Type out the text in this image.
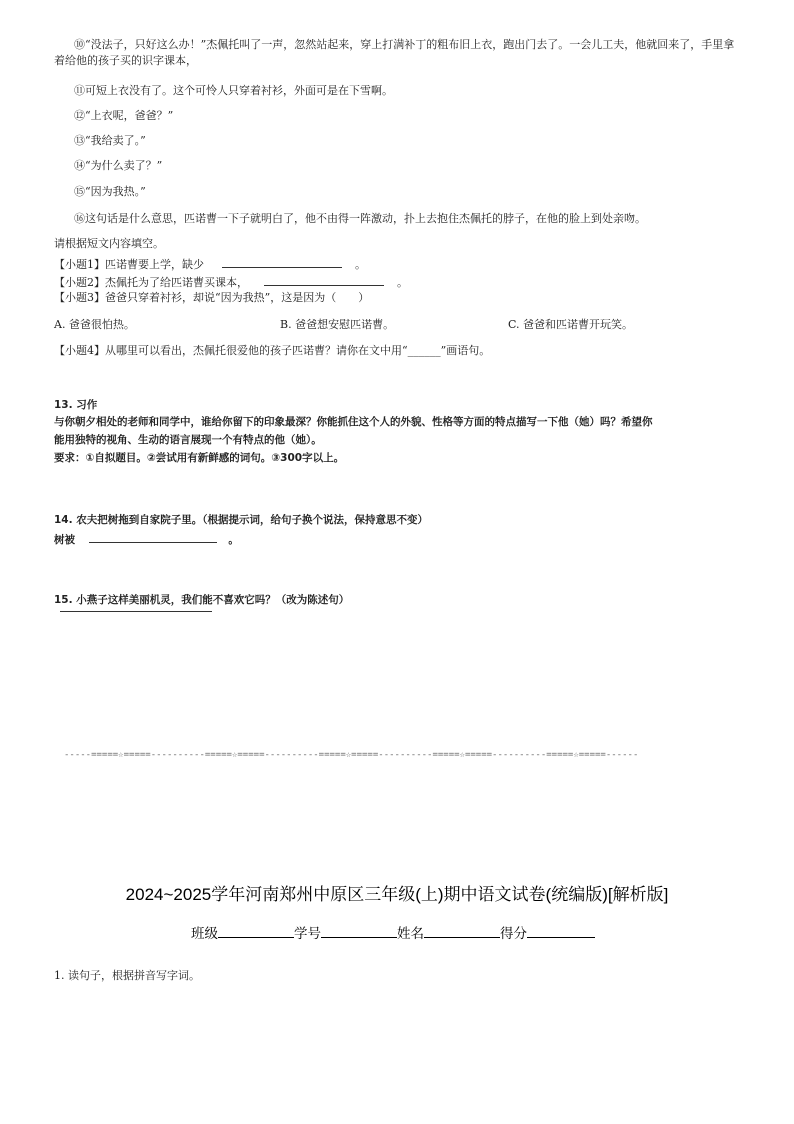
⑩“没法子，只好这么办！”杰佩托叫了一声，忽然站起来，穿上打满补丁的粗布旧上衣，跑出门去了。一会儿工夫，他就回来了，手里拿着给他的孩子买的识字课本，
⑪可短上衣没有了。这个可怜人只穿着衬衫，外面可是在下雪啊。
⑫“上衣呢，爸爸？”
⑬“我给卖了。”
⑭“为什么卖了？”
⑮“因为我热。”
⑯这句话是什么意思，匹诺曹一下子就明白了，他不由得一阵激动，扑上去抱住杰佩托的脖子，在他的脸上到处亲吻。
请根据短文内容填空。
【小题1】匹诺曹要上学，缺少	。
【小题2】杰佩托为了给匹诺曹买课本，	。
【小题3】爸爸只穿着衬衫，却说“因为我热”，这是因为（　　）
A. 爸爸很怕热。	B. 爸爸想安慰匹诺曹。	C. 爸爸和匹诺曹开玩笑。
【小题4】从哪里可以看出，杰佩托很爱他的孩子匹诺曹？请你在文中用“______”画语句。
13. 习作
与你朝夕相处的老师和同学中，谁给你留下的印象最深？你能抓住这个人的外貌、性格等方面的特点描写一下他（她）吗？希望你
能用独特的视角、生动的语言展现一个有特点的他（她）。
要求：①自拟题目。②尝试用有新鲜感的词句。③300字以上。
14. 农夫把树拖到自家院子里。（根据提示词，给句子换个说法，保持意思不变）
树被	。
15. 小燕子这样美丽机灵，我们能不喜欢它吗？（改为陈述句）
-----=====☆=====----------=====☆=====----------=====☆=====----------=====☆=====----------=====☆=====------
2024~2025学年河南郑州中原区三年级(上)期中语文试卷(统编版)[解析版]
班级	学号	姓名	得分
1. 读句子，根据拼音写字词。
